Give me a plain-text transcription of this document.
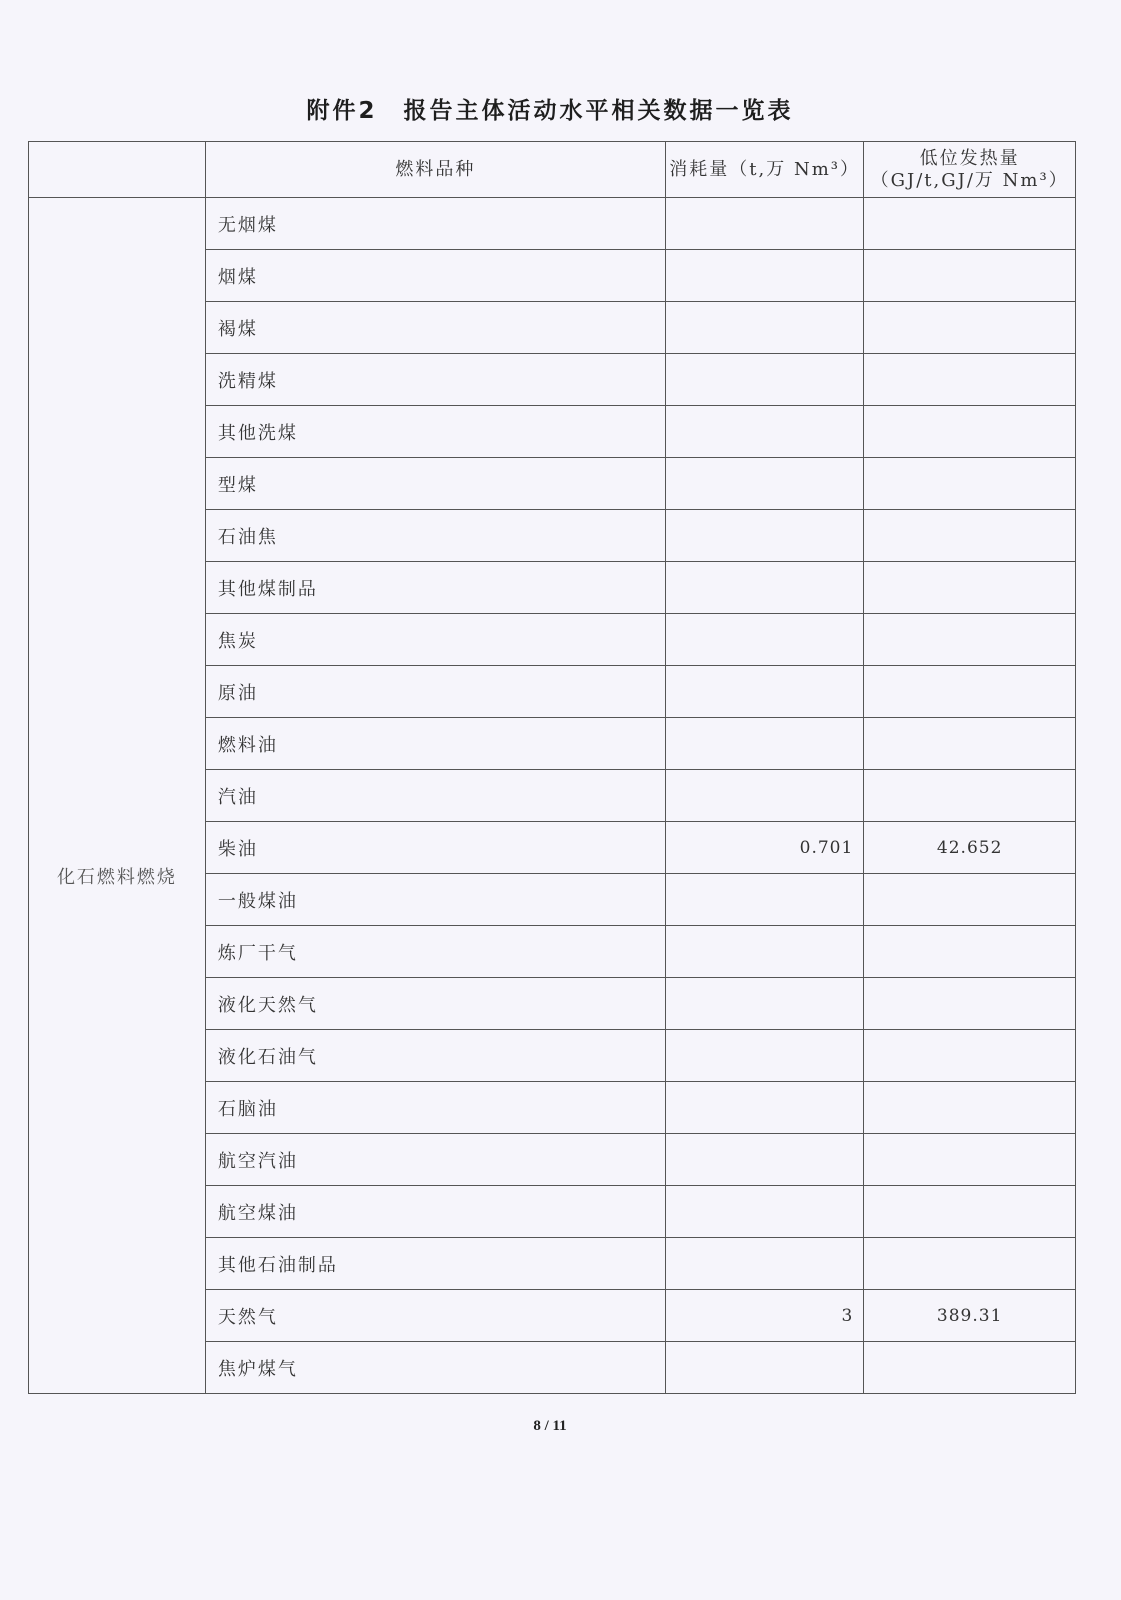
附件2　报告主体活动水平相关数据一览表
	燃料品种	消耗量（t,万 Nm³）	低位发热量
（GJ/t,GJ/万 Nm³）

化石燃料燃烧	无烟煤		
	烟煤		
	褐煤		
	洗精煤		
	其他洗煤		
	型煤		
	石油焦		
	其他煤制品		
	焦炭		
	原油		
	燃料油		
	汽油		
	柴油	0.701	42.652
	一般煤油		
	炼厂干气		
	液化天然气		
	液化石油气		
	石脑油		
	航空汽油		
	航空煤油		
	其他石油制品		
	天然气	3	389.31
	焦炉煤气		
8 / 11
